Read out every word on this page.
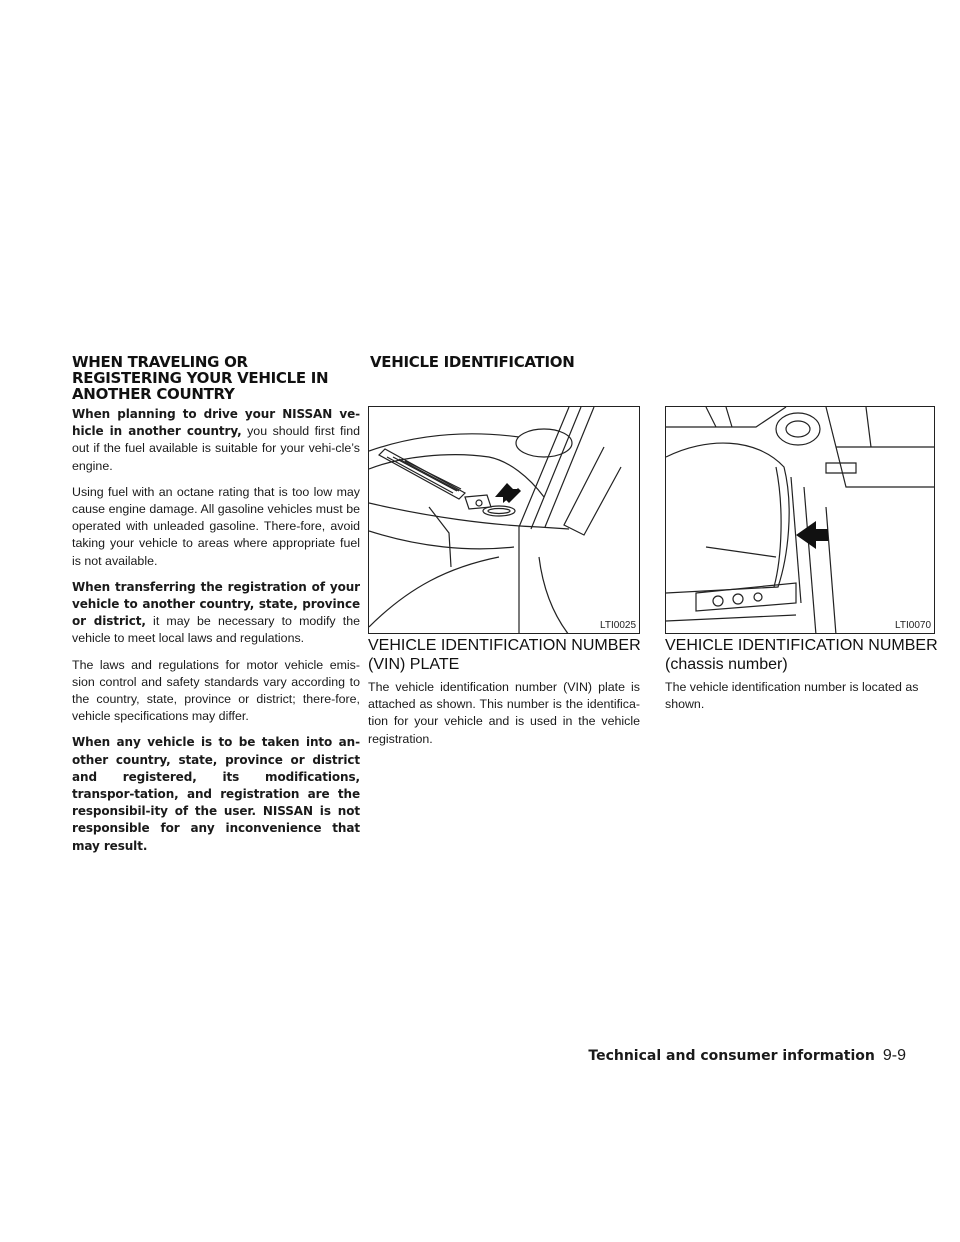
WHEN TRAVELING OR REGISTERING YOUR VEHICLE IN ANOTHER COUNTRY
VEHICLE IDENTIFICATION

When planning to drive your NISSAN ve-hicle in another country, you should first find out if the fuel available is suitable for your vehi-cle’s engine.

Using fuel with an octane rating that is too low may cause engine damage. All gasoline vehicles must be operated with unleaded gasoline. There-fore, avoid taking your vehicle to areas where appropriate fuel is not available.

When transferring the registration of your vehicle to another country, state, province or district, it may be necessary to modify the vehicle to meet local laws and regulations.

The laws and regulations for motor vehicle emis-sion control and safety standards vary according to the country, state, province or district; there-fore, vehicle specifications may differ.

When any vehicle is to be taken into an-other country, state, province or district and registered, its modifications, transpor-tation, and registration are the responsibil-ity of the user. NISSAN is not responsible for any inconvenience that may result.

LTI0025	LTI0070
VEHICLE IDENTIFICATION NUMBER (VIN) PLATE
VEHICLE IDENTIFICATION NUMBER (chassis number)

The vehicle identification number (VIN) plate is attached as shown. This number is the identifica-tion for your vehicle and is used in the vehicle registration.

The vehicle identification number is located as shown.

Technical and consumer information 9-9
